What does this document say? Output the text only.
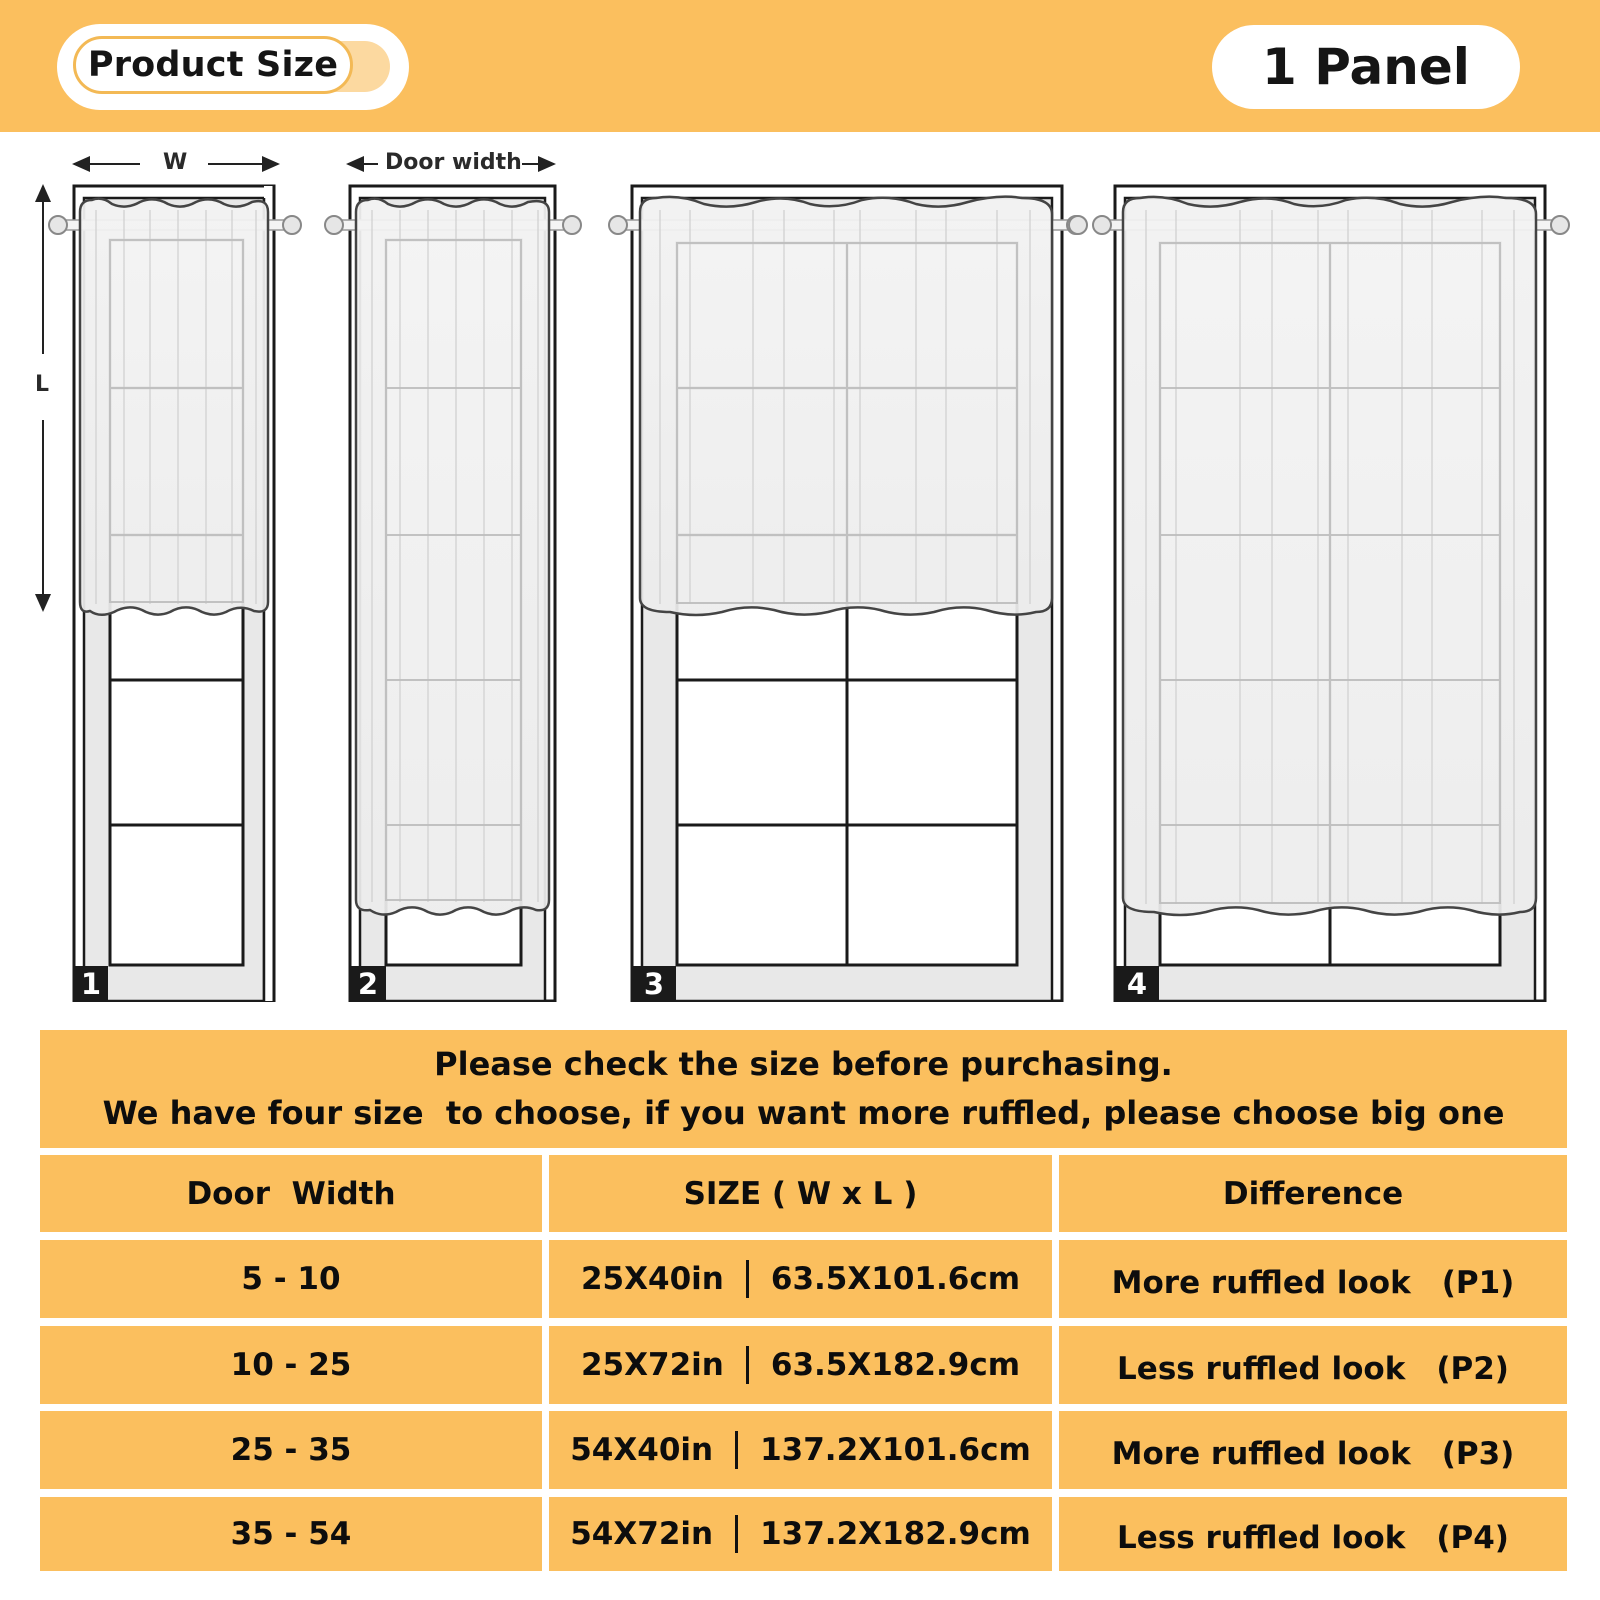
Product Size	1 Panel
W	Door width
L
1	2	3	4
Please check the size before purchasing.
We have four size  to choose, if you want more ruffled, please choose big one
Door  Width	SIZE ( W x L )	Difference
5 - 10	25X40in 63.5X101.6cm	More ruffled look　(P1)
10 - 25	25X72in 63.5X182.9cm	Less ruffled look　(P2)
25 - 35	54X40in 137.2X101.6cm	More ruffled look　(P3)
35 - 54	54X72in 137.2X182.9cm	Less ruffled look　(P4)
